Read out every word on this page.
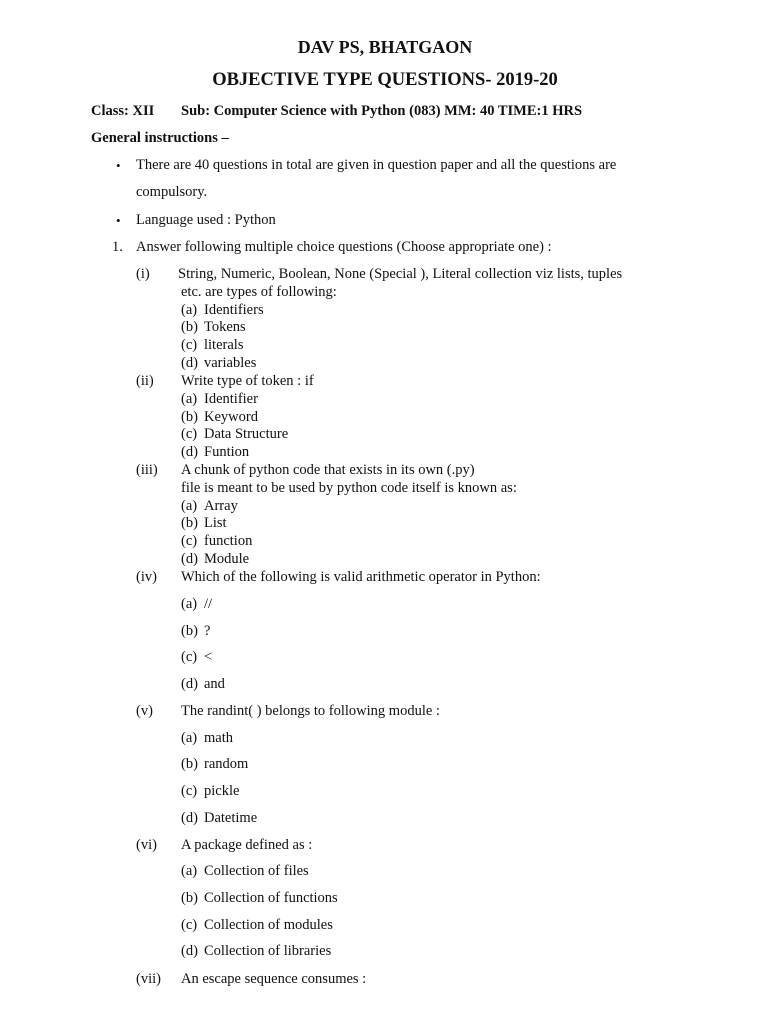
DAV PS, BHATGAON
OBJECTIVE TYPE QUESTIONS- 2019-20
Class: XII Sub: Computer Science with Python (083) MM: 40 TIME:1 HRS
General instructions –
• There are 40 questions in total are given in question paper and all the questions are
compulsory.
• Language used : Python
1. Answer following multiple choice questions (Choose appropriate one) :
(i) String, Numeric, Boolean, None (Special ), Literal collection viz lists, tuples
etc. are types of following:
(a) Identifiers
(b) Tokens
(c) literals
(d) variables
(ii) Write type of token : if
(a) Identifier
(b) Keyword
(c) Data Structure
(d) Funtion
(iii) A chunk of python code that exists in its own (.py)
file is meant to be used by python code itself is known as:
(a) Array
(b) List
(c) function
(d) Module
(iv) Which of the following is valid arithmetic operator in Python:
(a) //
(b) ?
(c) <
(d) and
(v) The randint( ) belongs to following module :
(a) math
(b) random
(c) pickle
(d) Datetime
(vi) A package defined as :
(a) Collection of files
(b) Collection of functions
(c) Collection of modules
(d) Collection of libraries
(vii) An escape sequence consumes :
